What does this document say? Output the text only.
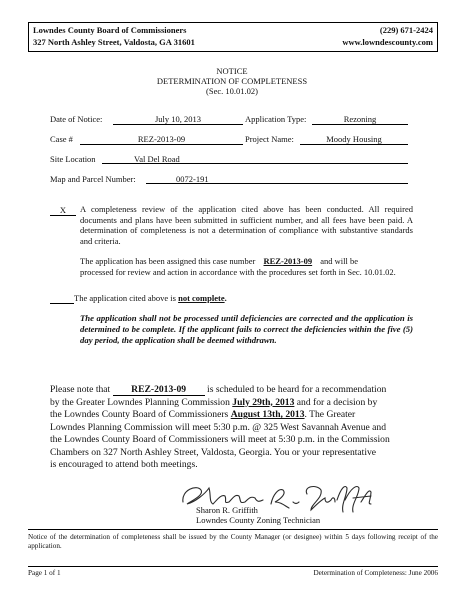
Lowndes County Board of Commissioners
327 North Ashley Street, Valdosta, GA 31601
(229) 671-2424
www.lowndescounty.com
NOTICE
DETERMINATION OF COMPLETENESS
(Sec. 10.01.02)
Date of Notice:	July 10, 2013	Application Type:	Rezoning
Case #	REZ-2013-09	Project Name:	Moody Housing
Site Location	Val Del Road
Map and Parcel Number:	0072-191
X	A completeness review of the application cited above has been conducted. All required documents and plans have been submitted in sufficient number, and all fees have been paid. A determination of completeness is not a determination of compliance with substantive standards and criteria.
The application has been assigned this case number REZ-2013-09 and will be
processed for review and action in accordance with the procedures set forth in Sec. 10.01.02.
The application cited above is not complete.
The application shall not be processed until deficiencies are corrected and the application is determined to be complete. If the applicant fails to correct the deficiencies within the five (5) day period, the application shall be deemed withdrawn.
Please note that REZ-2013-09 is scheduled to be heard for a recommendation
by the Greater Lowndes Planning Commission July 29th, 2013 and for a decision by
the Lowndes County Board of Commissioners August 13th, 2013. The Greater
Lowndes Planning Commission will meet 5:30 p.m. @ 325 West Savannah Avenue and
the Lowndes County Board of Commissioners will meet at 5:30 p.m. in the Commission
Chambers on 327 North Ashley Street, Valdosta, Georgia. You or your representative
is encouraged to attend both meetings.
Sharon R. Griffith
Lowndes County Zoning Technician
Notice of the determination of completeness shall be issued by the County Manager (or designee) within 5 days following receipt of the application.
Page 1 of 1	Determination of Completeness: June 2006
